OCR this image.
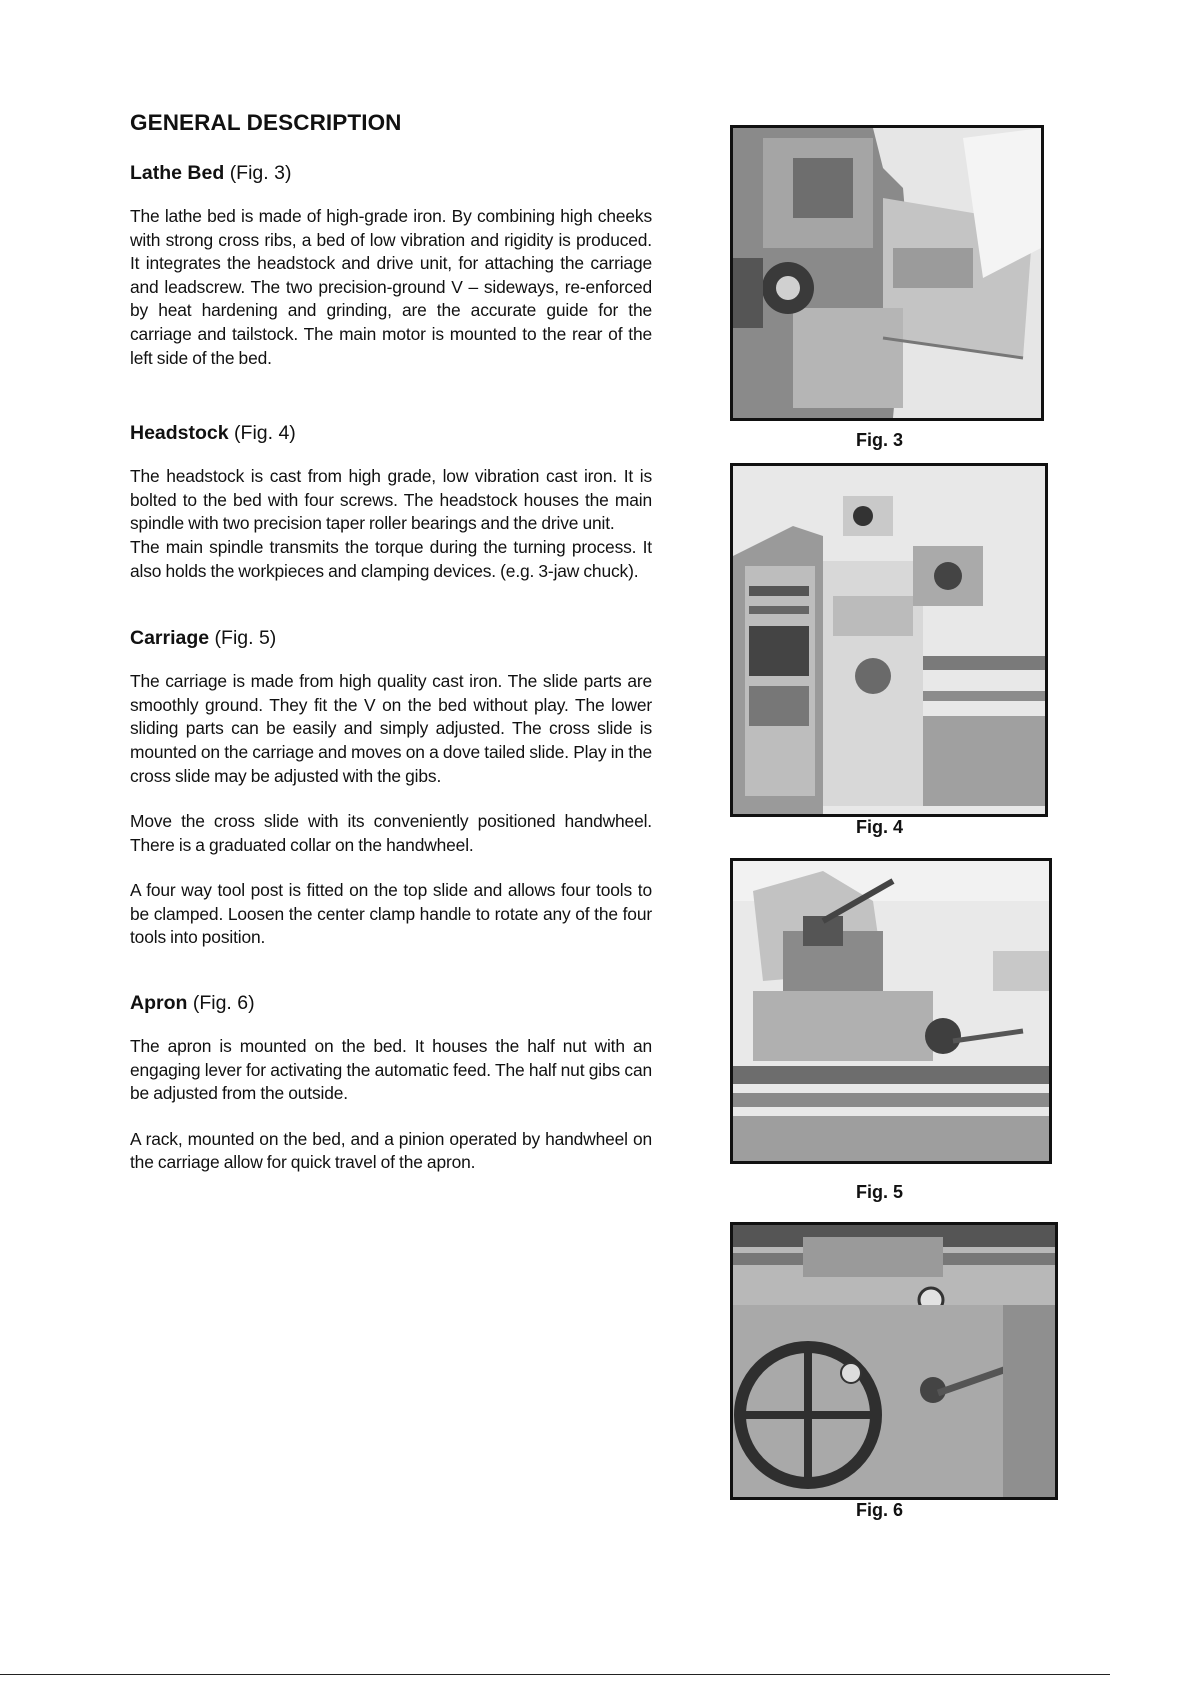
GENERAL DESCRIPTION
Lathe Bed (Fig. 3)

The lathe bed is made of high-grade iron. By combining high cheeks with strong cross ribs, a bed of low vibration and rigidity is produced. It integrates the headstock and drive unit, for attaching the carriage and leadscrew. The two precision-ground V – sideways, re-enforced by heat hardening and grinding, are the accurate guide for the carriage and tailstock. The main motor is mounted to the rear of the left side of the bed.

Headstock (Fig. 4)

The headstock is cast from high grade, low vibration cast iron. It is bolted to the bed with four screws. The headstock houses the main spindle with two precision taper roller bearings and the drive unit.

The main spindle transmits the torque during the turning process. It also holds the workpieces and clamping devices. (e.g. 3-jaw chuck).

Carriage (Fig. 5)

The carriage is made from high quality cast iron. The slide parts are smoothly ground. They fit the V on the bed without play. The lower sliding parts can be easily and simply adjusted. The cross slide is mounted on the carriage and moves on a dove tailed slide. Play in the cross slide may be adjusted with the gibs.

Move the cross slide with its conveniently positioned handwheel. There is a graduated collar on the handwheel.

A four way tool post is fitted on the top slide and allows four tools to be clamped. Loosen the center clamp handle to rotate any of the four tools into position.

Apron (Fig. 6)

The apron is mounted on the bed. It houses the half nut with an engaging lever for activating the automatic feed. The half nut gibs can be adjusted from the outside.

A rack, mounted on the bed, and a pinion operated by handwheel on the carriage allow for quick travel of the apron.

Fig. 3
Fig. 4
Fig. 5
Fig. 6
